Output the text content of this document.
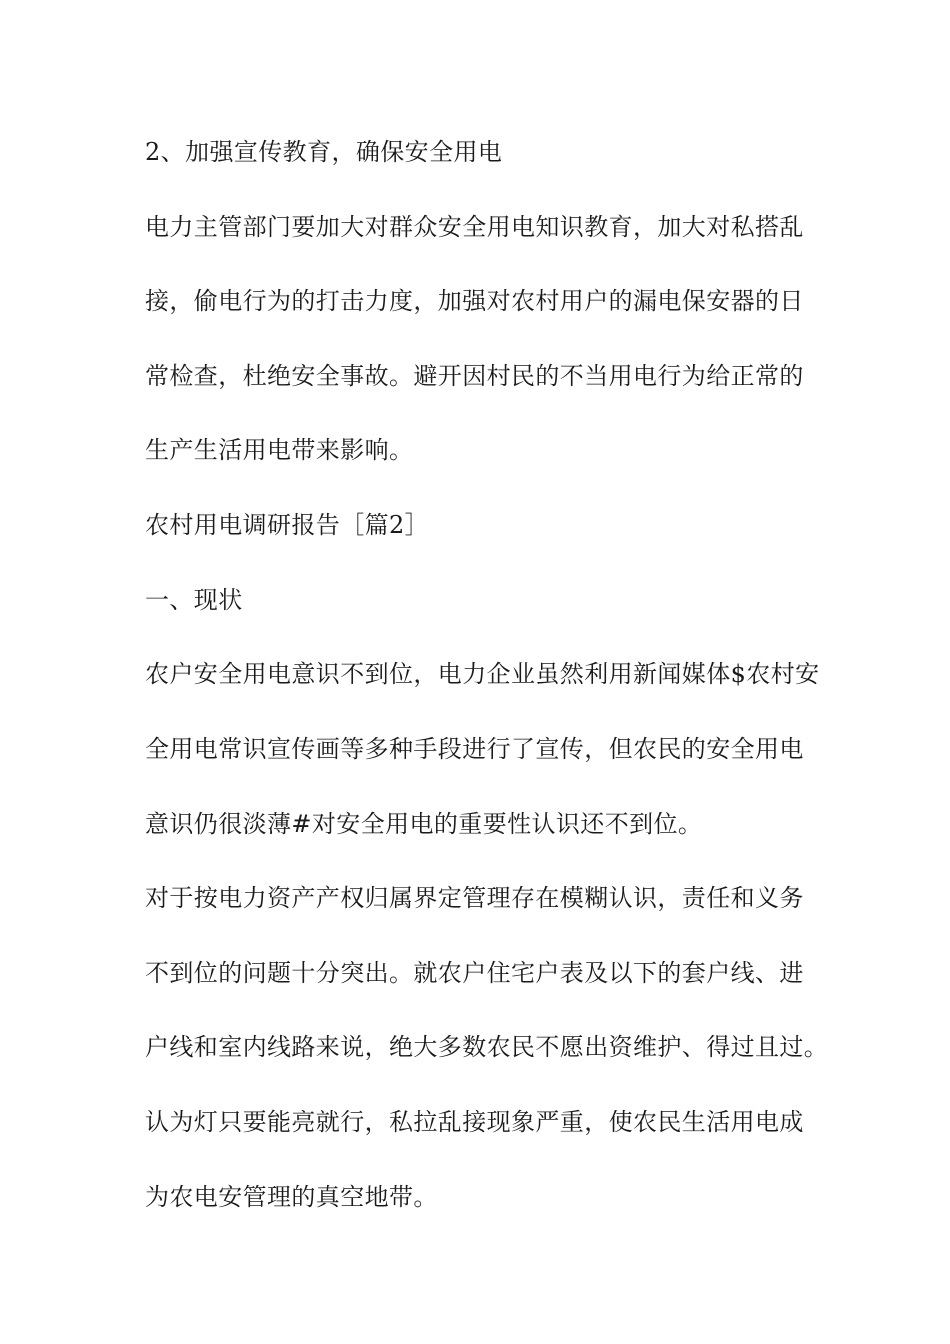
2、加强宣传教育，确保安全用电
电力主管部门要加大对群众安全用电知识教育，加大对私搭乱
接，偷电行为的打击力度，加强对农村用户的漏电保安器的日
常检查，杜绝安全事故。避开因村民的不当用电行为给正常的
生产生活用电带来影响。
农村用电调研报告［篇2］
一、现状
农户安全用电意识不到位，电力企业虽然利用新闻媒体$农村安
全用电常识宣传画等多种手段进行了宣传，但农民的安全用电
意识仍很淡薄#对安全用电的重要性认识还不到位。
对于按电力资产产权归属界定管理存在模糊认识，责任和义务
不到位的问题十分突出。就农户住宅户表及以下的套户线、进
户线和室内线路来说，绝大多数农民不愿出资维护、得过且过。
认为灯只要能亮就行，私拉乱接现象严重，使农民生活用电成
为农电安管理的真空地带。
